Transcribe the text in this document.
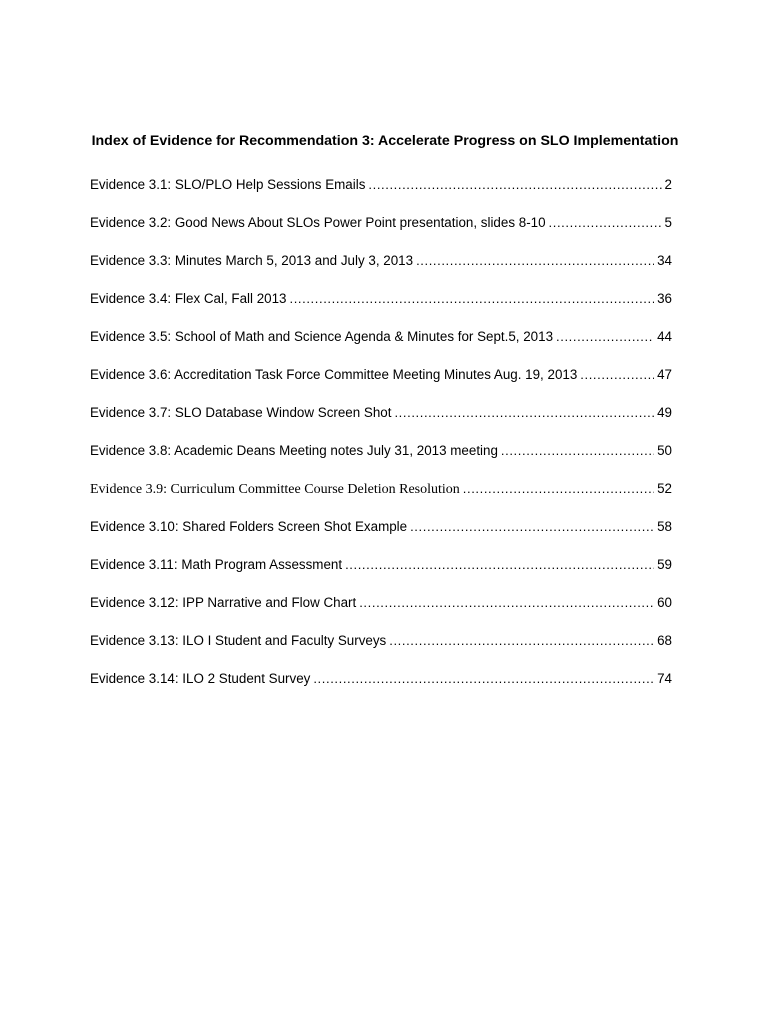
Index of Evidence for Recommendation 3: Accelerate Progress on SLO Implementation
Evidence 3.1: SLO/PLO Help Sessions Emails .....	2
Evidence 3.2: Good News About SLOs Power Point presentation, slides 8-10 .....	5
Evidence 3.3: Minutes March 5, 2013 and July 3, 2013 .....	34
Evidence 3.4: Flex Cal, Fall 2013 .....	36
Evidence 3.5: School of Math and Science Agenda & Minutes for Sept.5, 2013 .....	44
Evidence 3.6: Accreditation Task Force Committee Meeting Minutes Aug. 19, 2013 .....	47
Evidence 3.7: SLO Database Window Screen Shot .....	49
Evidence 3.8: Academic Deans Meeting notes July 31, 2013 meeting .....	50
Evidence 3.9: Curriculum Committee Course Deletion Resolution .....	52
Evidence 3.10: Shared Folders Screen Shot Example .....	58
Evidence 3.11: Math Program Assessment .....	59
Evidence 3.12: IPP Narrative and Flow Chart .....	60
Evidence 3.13: ILO I Student and Faculty Surveys .....	68
Evidence 3.14: ILO 2 Student Survey .....	74
